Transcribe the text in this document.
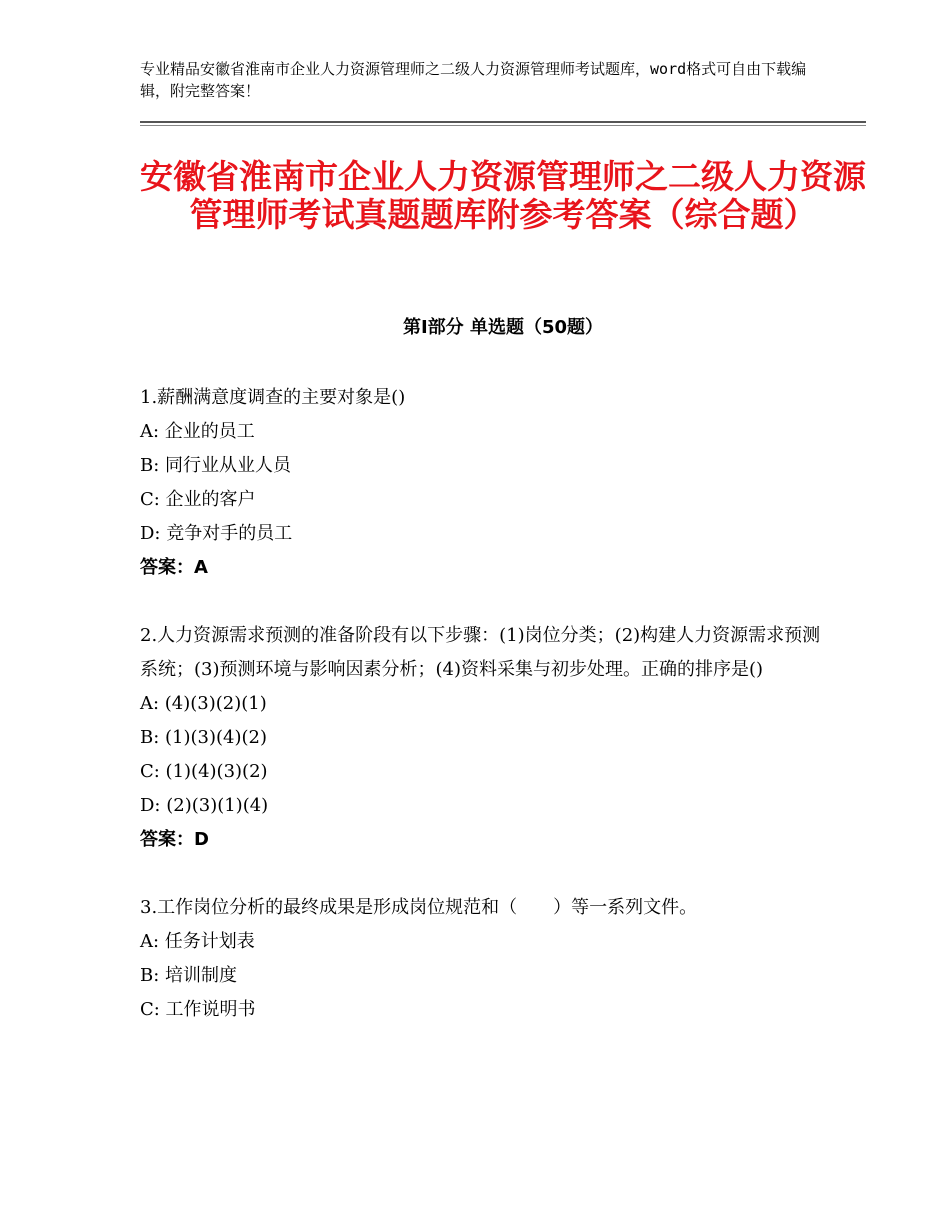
专业精品安徽省淮南市企业人力资源管理师之二级人力资源管理师考试题库，word格式可自由下载编辑，附完整答案！
安徽省淮南市企业人力资源管理师之二级人力资源管理师考试真题题库附参考答案（综合题）
第Ⅰ部分 单选题（50题）

1.薪酬满意度调查的主要对象是()

A: 企业的员工

B: 同行业从业人员

C: 企业的客户

D: 竞争对手的员工

答案：A

2.人力资源需求预测的准备阶段有以下步骤：(1)岗位分类；(2)构建人力资源需求预测系统；(3)预测环境与影响因素分析；(4)资料采集与初步处理。正确的排序是()

A: (4)(3)(2)(1)

B: (1)(3)(4)(2)

C: (1)(4)(3)(2)

D: (2)(3)(1)(4)

答案：D

3.工作岗位分析的最终成果是形成岗位规范和（　　）等一系列文件。

A: 任务计划表

B: 培训制度

C: 工作说明书
